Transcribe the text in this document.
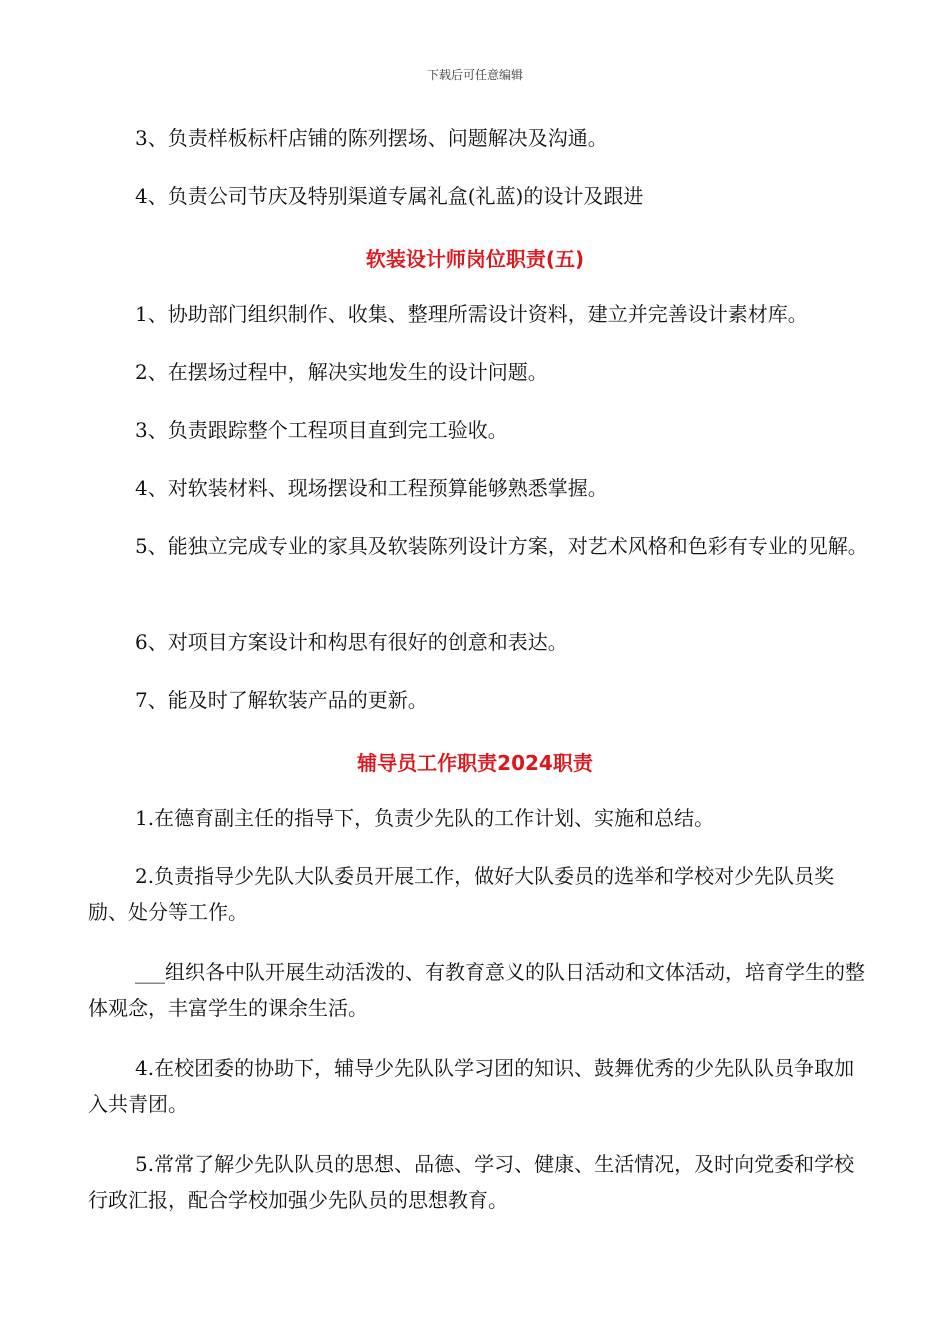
下载后可任意编辑
3、负责样板标杆店铺的陈列摆场、问题解决及沟通。
4、负责公司节庆及特别渠道专属礼盒(礼蓝)的设计及跟进
软装设计师岗位职责(五)
1、协助部门组织制作、收集、整理所需设计资料，建立并完善设计素材库。
2、在摆场过程中，解决实地发生的设计问题。
3、负责跟踪整个工程项目直到完工验收。
4、对软装材料、现场摆设和工程预算能够熟悉掌握。
5、能独立完成专业的家具及软装陈列设计方案，对艺术风格和色彩有专业的见解。
6、对项目方案设计和构思有很好的创意和表达。
7、能及时了解软装产品的更新。
辅导员工作职责2024职责
1.在德育副主任的指导下，负责少先队的工作计划、实施和总结。
2.负责指导少先队大队委员开展工作，做好大队委员的选举和学校对少先队员奖励、处分等工作。
___组织各中队开展生动活泼的、有教育意义的队日活动和文体活动，培育学生的整体观念，丰富学生的课余生活。
4.在校团委的协助下，辅导少先队队学习团的知识、鼓舞优秀的少先队队员争取加入共青团。
5.常常了解少先队队员的思想、品德、学习、健康、生活情况，及时向党委和学校行政汇报，配合学校加强少先队员的思想教育。
